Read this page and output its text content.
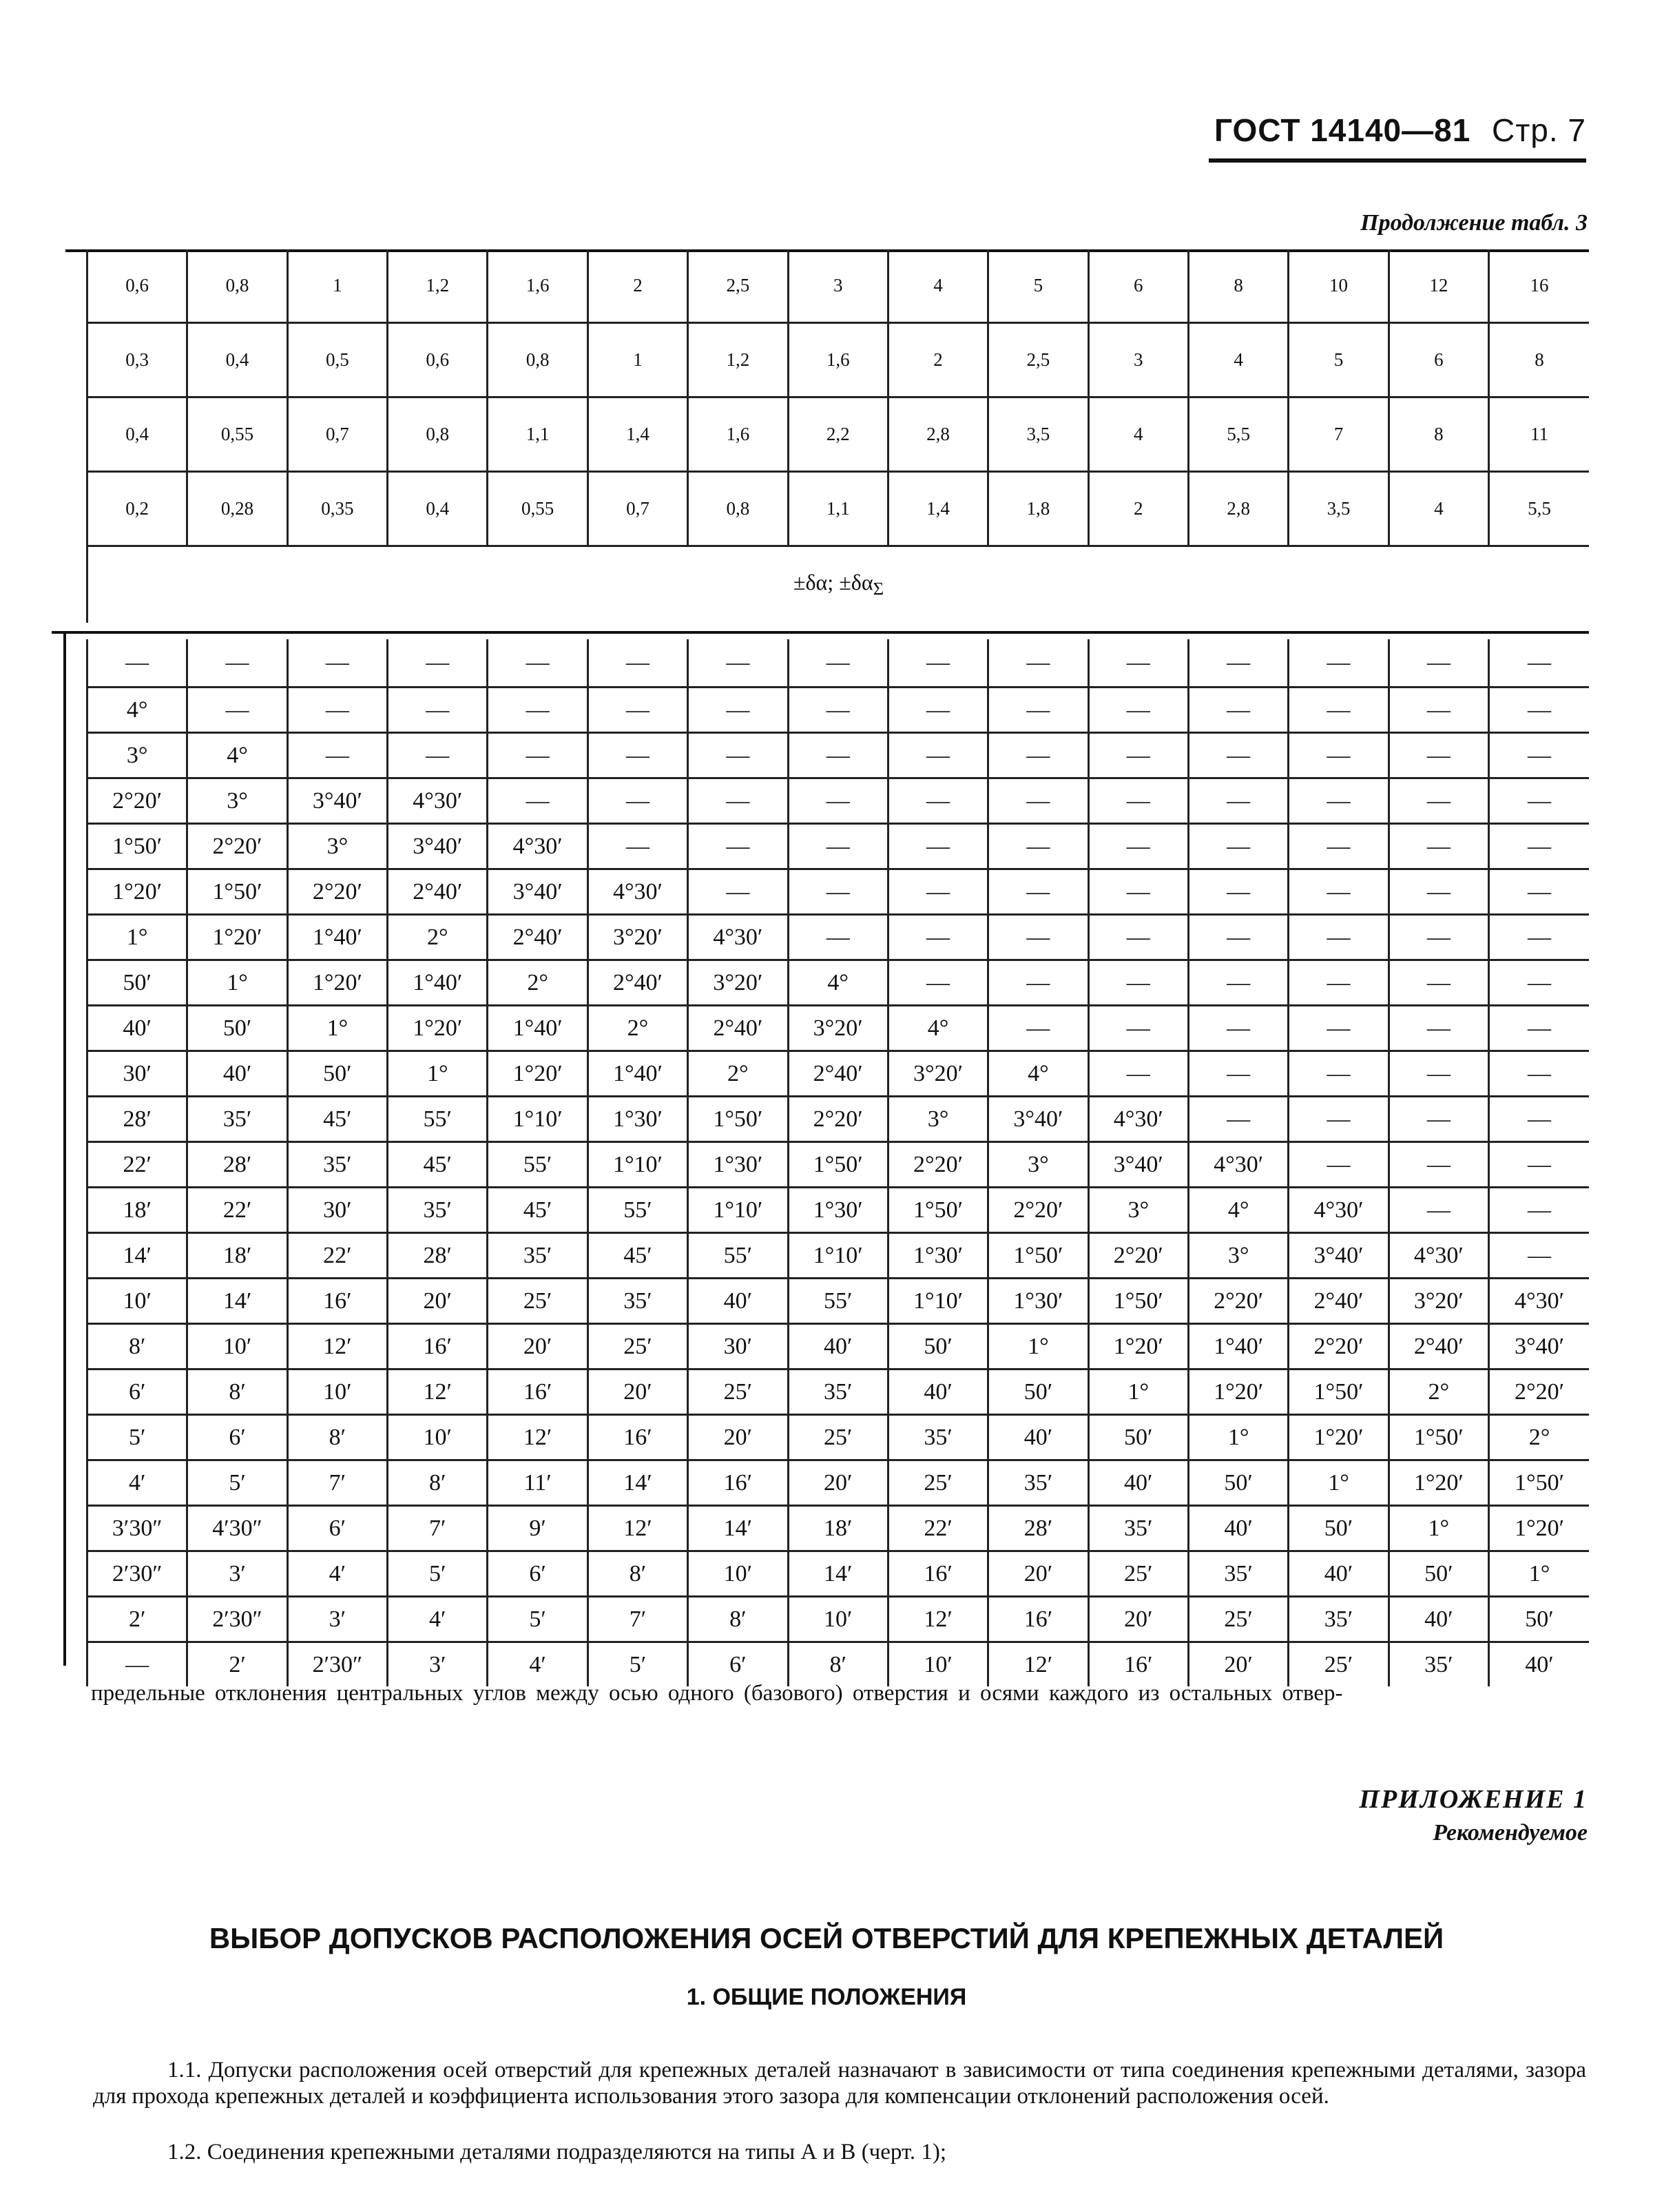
ГОСТ 14140—81 Стр. 7
Продолжение табл. 3
0,6	0,8	1	1,2	1,6	2	2,5	3	4	5	6	8	10	12	16
0,3	0,4	0,5	0,6	0,8	1	1,2	1,6	2	2,5	3	4	5	6	8
0,4	0,55	0,7	0,8	1,1	1,4	1,6	2,2	2,8	3,5	4	5,5	7	8	11
0,2	0,28	0,35	0,4	0,55	0,7	0,8	1,1	1,4	1,8	2	2,8	3,5	4	5,5
±δα; $\pm\delta\alpha_\Sigma$
—	—	—	—	—	—	—	—	—	—	—	—	—	—	—
4°	—	—	—	—	—	—	—	—	—	—	—	—	—	—
3°	4°	—	—	—	—	—	—	—	—	—	—	—	—	—
2°20′	3°	3°40′	4°30′	—	—	—	—	—	—	—	—	—	—	—
1°50′	2°20′	3°	3°40′	4°30′	—	—	—	—	—	—	—	—	—	—
1°20′	1°50′	2°20′	2°40′	3°40′	4°30′	—	—	—	—	—	—	—	—	—
1°	1°20′	1°40′	2°	2°40′	3°20′	4°30′	—	—	—	—	—	—	—	—
50′	1°	1°20′	1°40′	2°	2°40′	3°20′	4°	—	—	—	—	—	—	—
40′	50′	1°	1°20′	1°40′	2°	2°40′	3°20′	4°	—	—	—	—	—	—
30′	40′	50′	1°	1°20′	1°40′	2°	2°40′	3°20′	4°	—	—	—	—	—
28′	35′	45′	55′	1°10′	1°30′	1°50′	2°20′	3°	3°40′	4°30′	—	—	—	—
22′	28′	35′	45′	55′	1°10′	1°30′	1°50′	2°20′	3°	3°40′	4°30′	—	—	—
18′	22′	30′	35′	45′	55′	1°10′	1°30′	1°50′	2°20′	3°	4°	4°30′	—	—
14′	18′	22′	28′	35′	45′	55′	1°10′	1°30′	1°50′	2°20′	3°	3°40′	4°30′	—
10′	14′	16′	20′	25′	35′	40′	55′	1°10′	1°30′	1°50′	2°20′	2°40′	3°20′	4°30′
8′	10′	12′	16′	20′	25′	30′	40′	50′	1°	1°20′	1°40′	2°20′	2°40′	3°40′
6′	8′	10′	12′	16′	20′	25′	35′	40′	50′	1°	1°20′	1°50′	2°	2°20′
5′	6′	8′	10′	12′	16′	20′	25′	35′	40′	50′	1°	1°20′	1°50′	2°
4′	5′	7′	8′	11′	14′	16′	20′	25′	35′	40′	50′	1°	1°20′	1°50′
3′30″	4′30″	6′	7′	9′	12′	14′	18′	22′	28′	35′	40′	50′	1°	1°20′
2′30″	3′	4′	5′	6′	8′	10′	14′	16′	20′	25′	35′	40′	50′	1°
2′	2′30″	3′	4′	5′	7′	8′	10′	12′	16′	20′	25′	35′	40′	50′
—	2′	2′30″	3′	4′	5′	6′	8′	10′	12′	16′	20′	25′	35′	40′
предельные отклонения центральных углов между осью одного (базового) отверстия и осями каждого из остальных отвер-
ПРИЛОЖЕНИЕ 1
Рекомендуемое
ВЫБОР ДОПУСКОВ РАСПОЛОЖЕНИЯ ОСЕЙ ОТВЕРСТИЙ ДЛЯ КРЕПЕЖНЫХ ДЕТАЛЕЙ
1. ОБЩИЕ ПОЛОЖЕНИЯ
1.1. Допуски расположения осей отверстий для крепежных деталей назначают в зависимости от типа соединения крепежными деталями, зазора для прохода крепежных деталей и коэффициента использования этого зазора для компенсации отклонений расположения осей.
1.2. Соединения крепежными деталями подразделяются на типы А и В (черт. 1);
